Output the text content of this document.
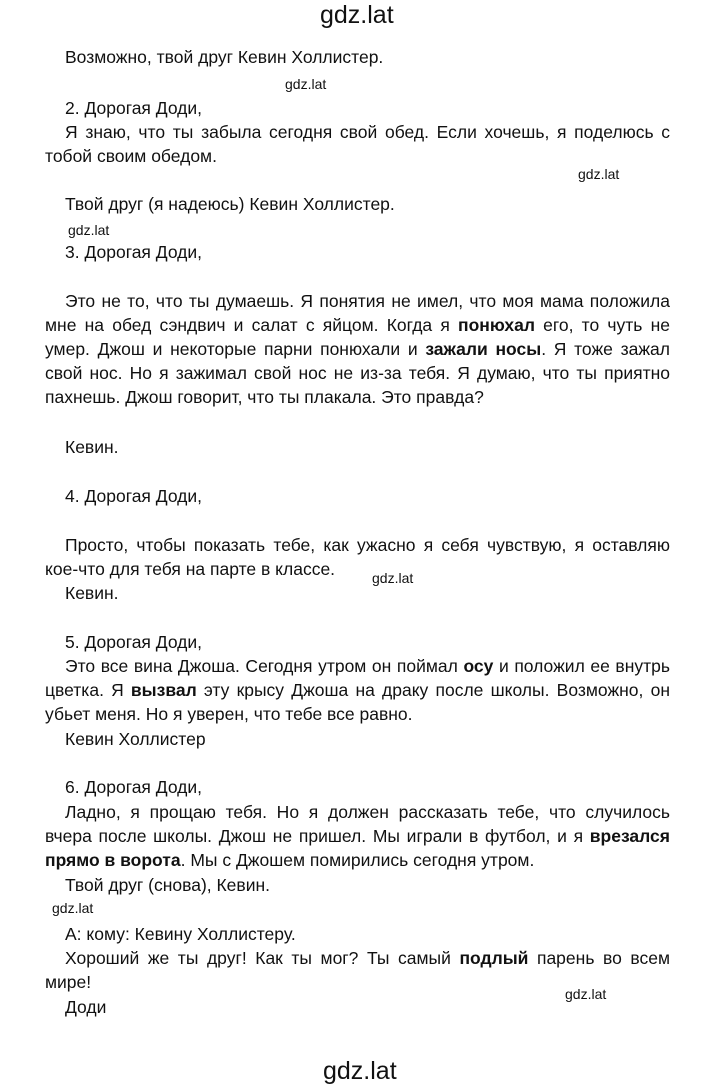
gdz.lat
Возможно, твой друг Кевин Холлистер.
gdz.lat
2. Дорогая Доди,
Я знаю, что ты забыла сегодня свой обед. Если хочешь, я поделюсь с тобой своим обедом.
gdz.lat
Твой друг (я надеюсь) Кевин Холлистер.
gdz.lat
3. Дорогая Доди,
Это не то, что ты думаешь. Я понятия не имел, что моя мама положила мне на обед сэндвич и салат с яйцом. Когда я понюхал его, то чуть не умер. Джош и некоторые парни понюхали и зажали носы. Я тоже зажал свой нос. Но я зажимал свой нос не из-за тебя. Я думаю, что ты приятно пахнешь. Джош говорит, что ты плакала. Это правда?
Кевин.
4. Дорогая Доди,
Просто, чтобы показать тебе, как ужасно я себя чувствую, я оставляю кое-что для тебя на парте в классе.	gdz.lat
Кевин.
5. Дорогая Доди,
Это все вина Джоша. Сегодня утром он поймал осу и положил ее внутрь цветка. Я вызвал эту крысу Джоша на драку после школы. Возможно, он убьет меня. Но я уверен, что тебе все равно.
Кевин Холлистер
6. Дорогая Доди,
Ладно, я прощаю тебя. Но я должен рассказать тебе, что случилось вчера после школы. Джош не пришел. Мы играли в футбол, и я врезался прямо в ворота. Мы с Джошем помирились сегодня утром.
Твой друг (снова), Кевин.
gdz.lat
А: кому: Кевину Холлистеру.
Хороший же ты друг! Как ты мог? Ты самый подлый парень во всем мире!
gdz.lat
Доди
gdz.lat
